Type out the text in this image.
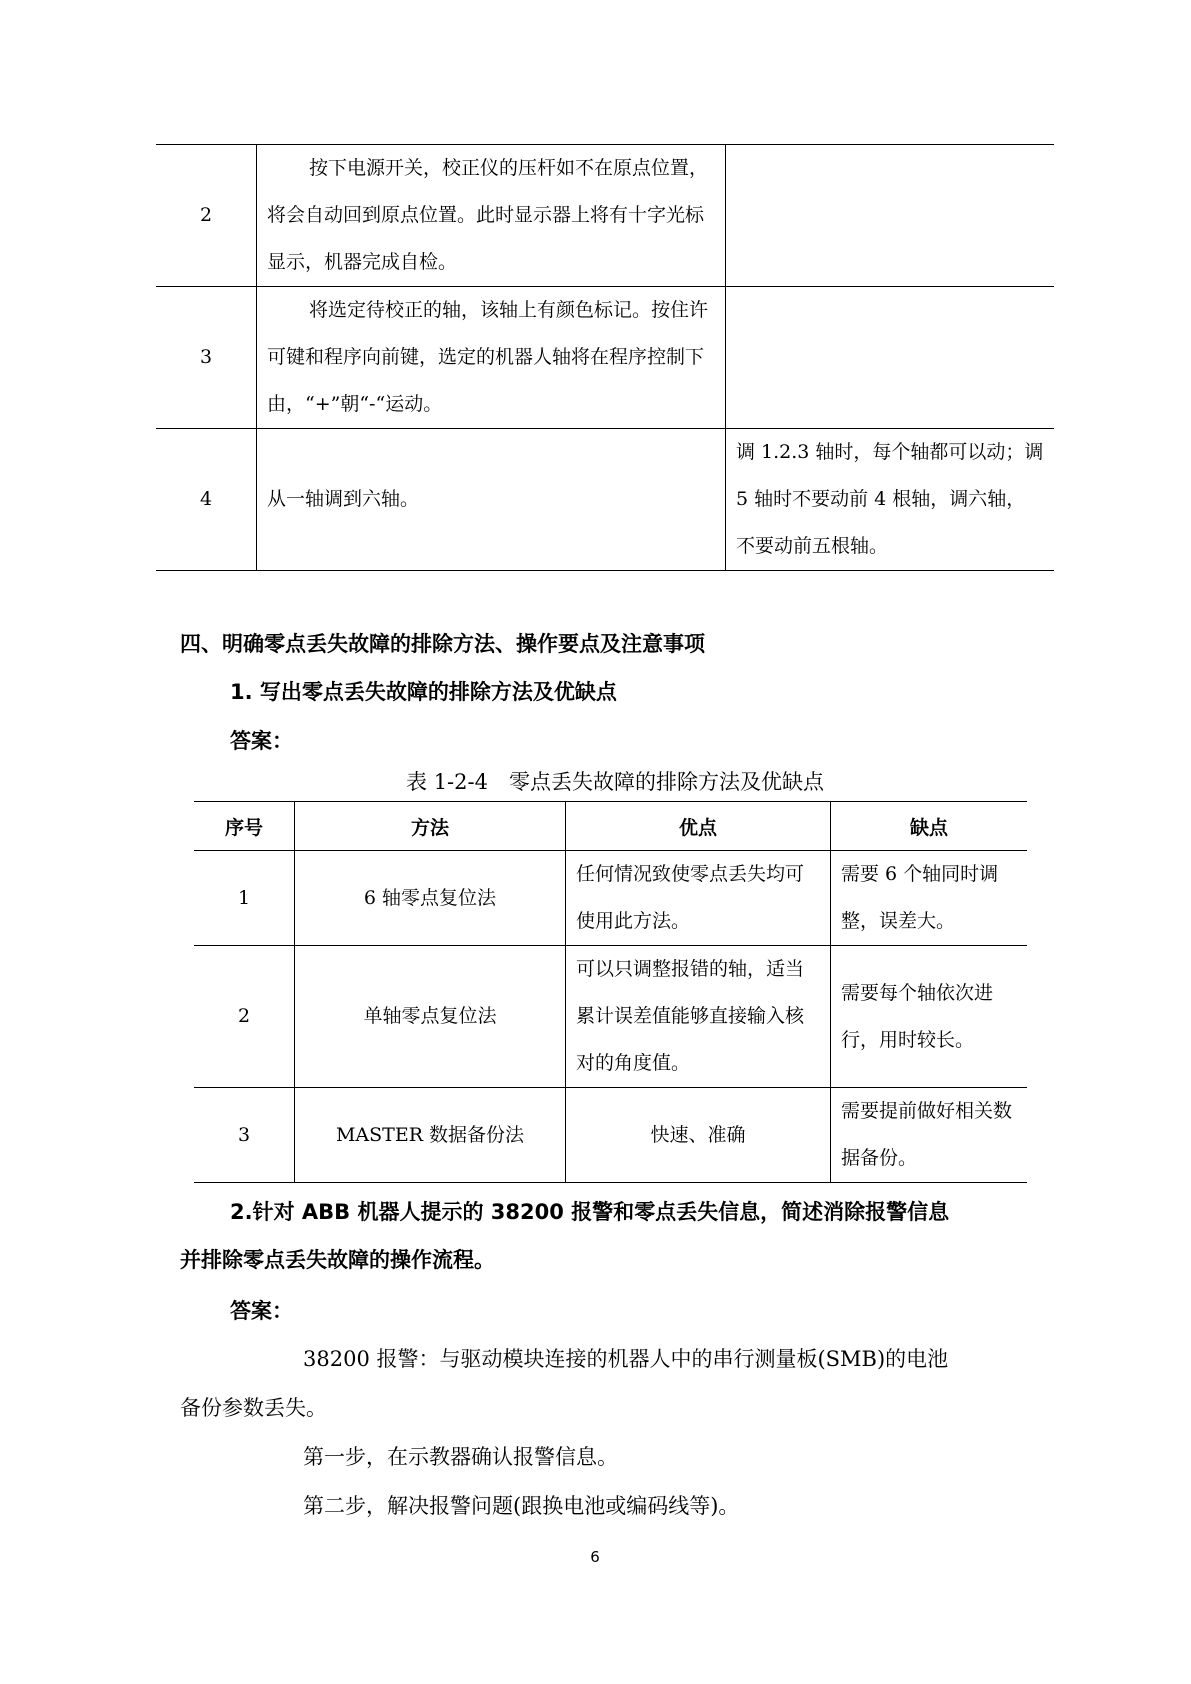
2	按下电源开关，校正仪的压杆如不在原点位置，将会自动回到原点位置。此时显示器上将有十字光标显示，机器完成自检。	
3	将选定待校正的轴，该轴上有颜色标记。按住许可键和程序向前键，选定的机器人轴将在程序控制下由，“+”朝“-“运动。	
4	从一轴调到六轴。	调 1.2.3 轴时，每个轴都可以动；调 5 轴时不要动前 4 根轴，调六轴，不要动前五根轴。
四、明确零点丢失故障的排除方法、操作要点及注意事项
1. 写出零点丢失故障的排除方法及优缺点
答案：
表 1-2-4　零点丢失故障的排除方法及优缺点
序号	方法	优点	缺点
1	6 轴零点复位法	任何情况致使零点丢失均可使用此方法。	需要 6 个轴同时调整，误差大。
2	单轴零点复位法	可以只调整报错的轴，适当累计误差值能够直接输入核对的角度值。	需要每个轴依次进行，用时较长。
3	MASTER 数据备份法	快速、准确	需要提前做好相关数据备份。
2.针对 ABB 机器人提示的 38200 报警和零点丢失信息，简述消除报警信息
并排除零点丢失故障的操作流程。
答案：
38200 报警：与驱动模块连接的机器人中的串行测量板(SMB)的电池
备份参数丢失。
第一步，在示教器确认报警信息。
第二步，解决报警问题(跟换电池或编码线等)。
6
